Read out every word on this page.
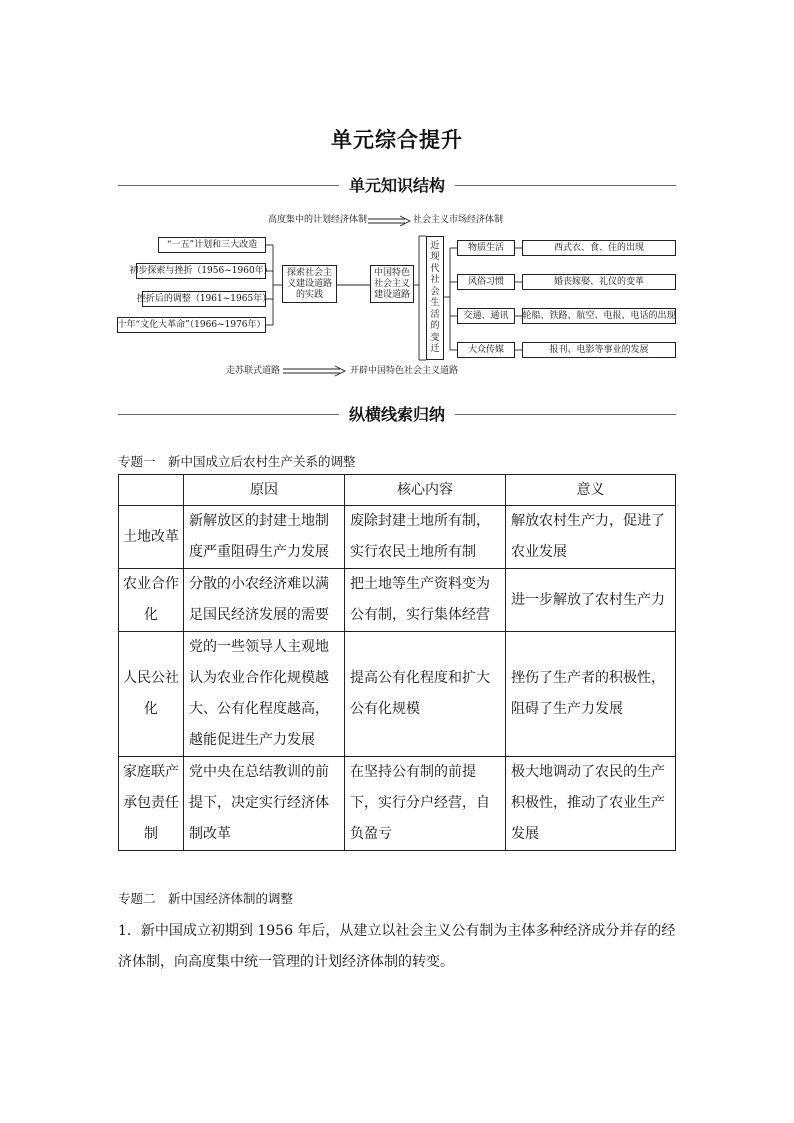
单元综合提升
单元知识结构
高度集中的计划经济体制	社会主义市场经济体制
走苏联式道路	开辟中国特色社会主义道路
“一五”计划和三大改造
初步探索与挫折（1956~1960年）
挫折后的调整（1961~1965年）
十年“文化大革命”（1966~1976年）
探索社会主义建设道路的实践
中国特色社会主义建设道路
近现代社会生活的变迁
物质生活
风俗习惯
交通、通讯
大众传媒
西式衣、食、住的出现
婚丧嫁娶、礼仪的变革
轮船、铁路、航空、电报、电话的出现
报刊、电影等事业的发展
纵横线索归纳
专题一　新中国成立后农村生产关系的调整
	原因	核心内容	意义
土地改革	新解放区的封建土地制度严重阻碍生产力发展	废除封建土地所有制，实行农民土地所有制	解放农村生产力，促进了农业发展
农业合作化	分散的小农经济难以满足国民经济发展的需要	把土地等生产资料变为公有制，实行集体经营	进一步解放了农村生产力
人民公社化	党的一些领导人主观地认为农业合作化规模越大、公有化程度越高，越能促进生产力发展	提高公有化程度和扩大公有化规模	挫伤了生产者的积极性，阻碍了生产力发展
家庭联产承包责任制	党中央在总结教训的前提下，决定实行经济体制改革	在坚持公有制的前提下，实行分户经营，自负盈亏	极大地调动了农民的生产积极性，推动了农业生产发展
专题二　新中国经济体制的调整
1．新中国成立初期到 1956 年后，从建立以社会主义公有制为主体多种经济成分并存的经济体制，向高度集中统一管理的计划经济体制的转变。
